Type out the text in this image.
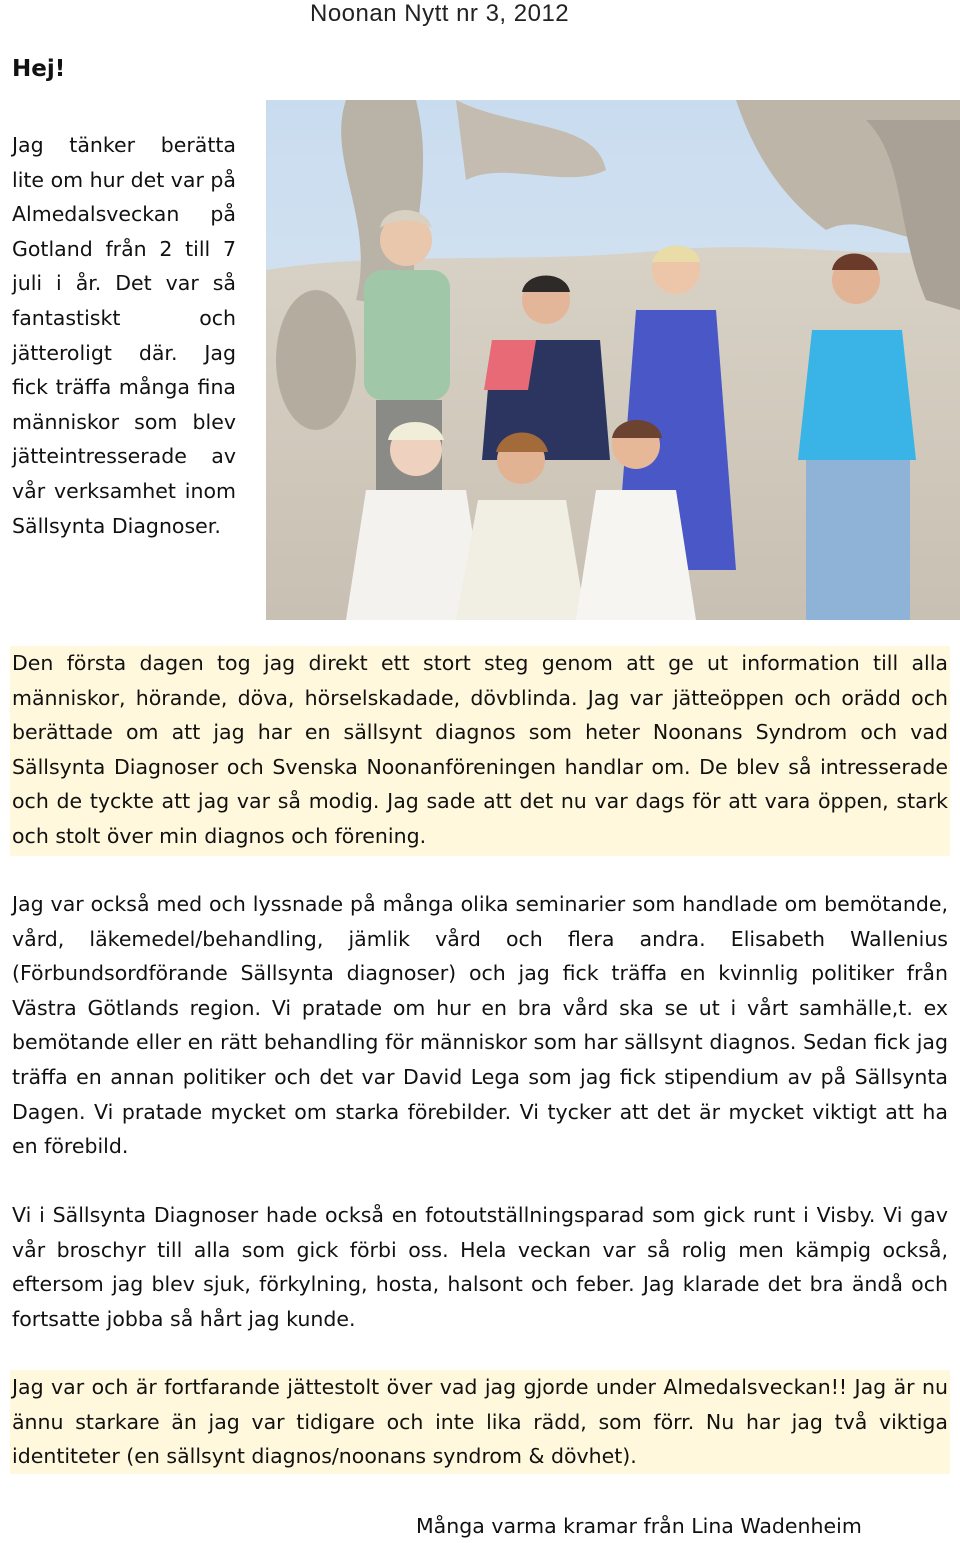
Noonan Nytt nr 3, 2012
Hej!
Jag tänker berätta lite om hur det var på Almedalsveckan på Gotland från 2 till 7 juli i år. Det var så fantastiskt och jätteroligt där. Jag fick träffa många fina människor som blev jätteintresserade av vår verksamhet inom Sällsynta Diagnoser.
Den första dagen tog jag direkt ett stort steg genom att ge ut information till alla människor, hörande, döva, hörselskadade, dövblinda. Jag var jätteöppen och orädd och berättade om att jag har en sällsynt diagnos som heter Noonans Syndrom och vad Sällsynta Diagnoser och Svenska Noonanföreningen handlar om. De blev så intresserade och de tyckte att jag var så modig. Jag sade att det nu var dags för att vara öppen, stark och stolt över min diagnos och förening.
Jag var också med och lyssnade på många olika seminarier som handlade om bemötande, vård, läkemedel/behandling, jämlik vård och flera andra. Elisabeth Wallenius (Förbundsordförande Sällsynta diagnoser) och jag fick träffa en kvinnlig politiker från Västra Götlands region. Vi pratade om hur en bra vård ska se ut i vårt samhälle,t. ex bemötande eller en rätt behandling för människor som har sällsynt diagnos. Sedan fick jag träffa en annan politiker och det var David Lega som jag fick stipendium av på Sällsynta Dagen. Vi pratade mycket om starka förebilder. Vi tycker att det är mycket viktigt att ha en förebild.
Vi i Sällsynta Diagnoser hade också en fotoutställningsparad som gick runt i Visby. Vi gav vår broschyr till alla som gick förbi oss. Hela veckan var så rolig men kämpig också, eftersom jag blev sjuk, förkylning, hosta, halsont och feber. Jag klarade det bra ändå och fortsatte jobba så hårt jag kunde.
Jag var och är fortfarande jättestolt över vad jag gjorde under Almedalsveckan!! Jag är nu ännu starkare än jag var tidigare och inte lika rädd, som förr. Nu har jag två viktiga identiteter (en sällsynt diagnos/noonans syndrom & dövhet).
Många varma kramar från Lina Wadenheim
